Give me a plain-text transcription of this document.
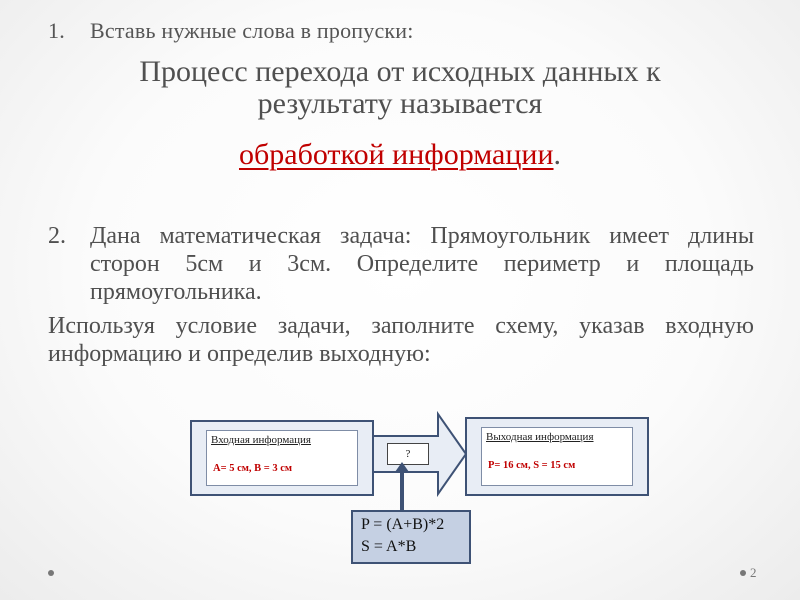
1. Вставь нужные слова в пропуски:
Процесс перехода от исходных данных к
результату называется
обработкой информации.
2. Дана математическая задача: Прямоугольник имеет длины сторон 5см и 3см. Определите периметр и площадь прямоугольника.
Используя условие задачи, заполните схему, указав входную информацию и определив выходную:
Входная информация
А= 5 см, В = 3 см
Выходная информация
Р= 16 см, S = 15 см
?
P = (A+B)*2
S = A*B
2
